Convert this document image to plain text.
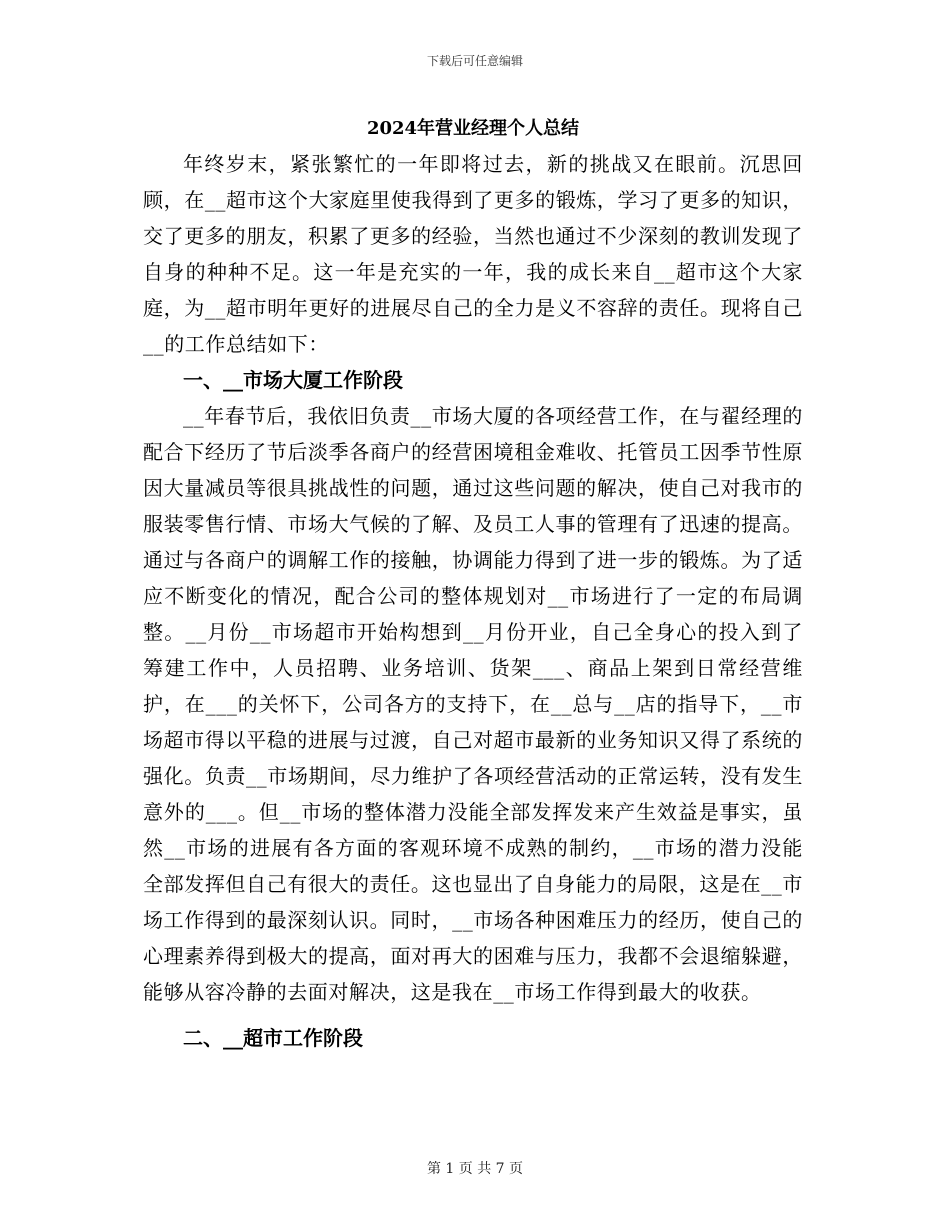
下载后可任意编辑
2024年营业经理个人总结

年终岁末，紧张繁忙的一年即将过去，新的挑战又在眼前。沉思回顾，在__超市这个大家庭里使我得到了更多的锻炼，学习了更多的知识，交了更多的朋友，积累了更多的经验，当然也通过不少深刻的教训发现了自身的种种不足。这一年是充实的一年，我的成长来自__超市这个大家庭，为__超市明年更好的进展尽自己的全力是义不容辞的责任。现将自己__的工作总结如下：

一、__市场大厦工作阶段

__年春节后，我依旧负责__市场大厦的各项经营工作，在与翟经理的配合下经历了节后淡季各商户的经营困境租金难收、托管员工因季节性原因大量减员等很具挑战性的问题，通过这些问题的解决，使自己对我市的服装零售行情、市场大气候的了解、及员工人事的管理有了迅速的提高。通过与各商户的调解工作的接触，协调能力得到了进一步的锻炼。为了适应不断变化的情况，配合公司的整体规划对__市场进行了一定的布局调整。__月份__市场超市开始构想到__月份开业，自己全身心的投入到了筹建工作中，人员招聘、业务培训、货架___、商品上架到日常经营维护，在___的关怀下，公司各方的支持下，在__总与__店的指导下，__市场超市得以平稳的进展与过渡，自己对超市最新的业务知识又得了系统的强化。负责__市场期间，尽力维护了各项经营活动的正常运转，没有发生意外的___。但__市场的整体潜力没能全部发挥发来产生效益是事实，虽然__市场的进展有各方面的客观环境不成熟的制约，__市场的潜力没能全部发挥但自己有很大的责任。这也显出了自身能力的局限，这是在__市场工作得到的最深刻认识。同时，__市场各种困难压力的经历，使自己的心理素养得到极大的提高，面对再大的困难与压力，我都不会退缩躲避，能够从容冷静的去面对解决，这是我在__市场工作得到最大的收获。

二、__超市工作阶段

第 1 页 共 7 页
